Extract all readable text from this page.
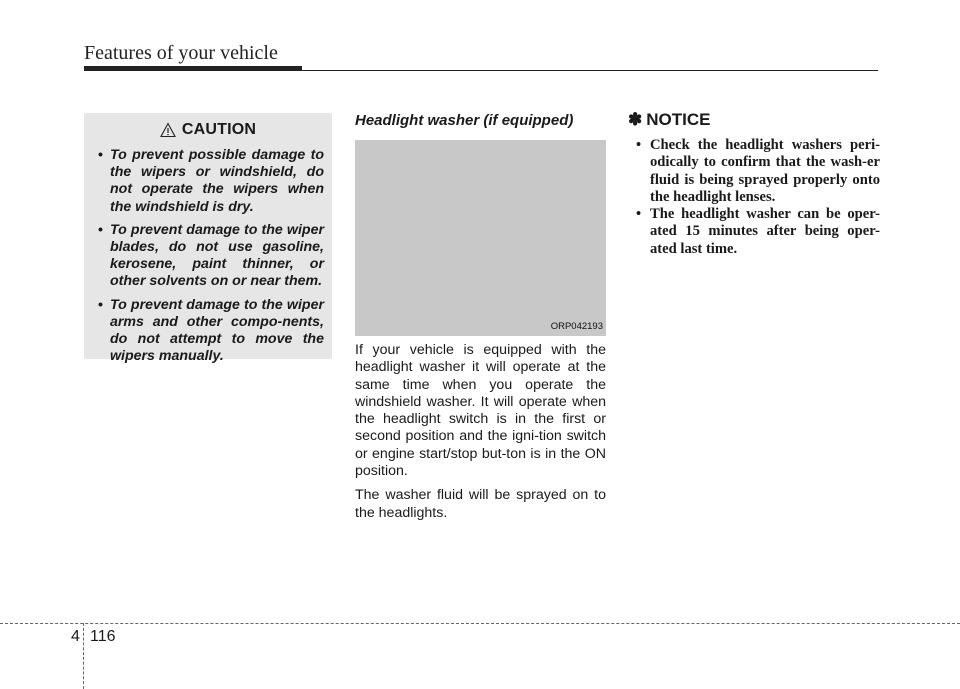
Features of your vehicle
CAUTION
• To prevent possible damage to the wipers or windshield, do not operate the wipers when the windshield is dry.
• To prevent damage to the wiper blades, do not use gasoline, kerosene, paint thinner, or other solvents on or near them.
• To prevent damage to the wiper arms and other compo-nents, do not attempt to move the wipers manually.
Headlight washer (if equipped)
ORP042193

If your vehicle is equipped with the headlight washer it will operate at the same time when you operate the windshield washer. It will operate when the headlight switch is in the first or second position and the igni-tion switch or engine start/stop but-ton is in the ON position.

The washer fluid will be sprayed on to the headlights.

✽ NOTICE
• Check the headlight washers peri-odically to confirm that the wash-er fluid is being sprayed properly onto the headlight lenses.
• The headlight washer can be oper-ated 15 minutes after being oper-ated last time.
4 116
